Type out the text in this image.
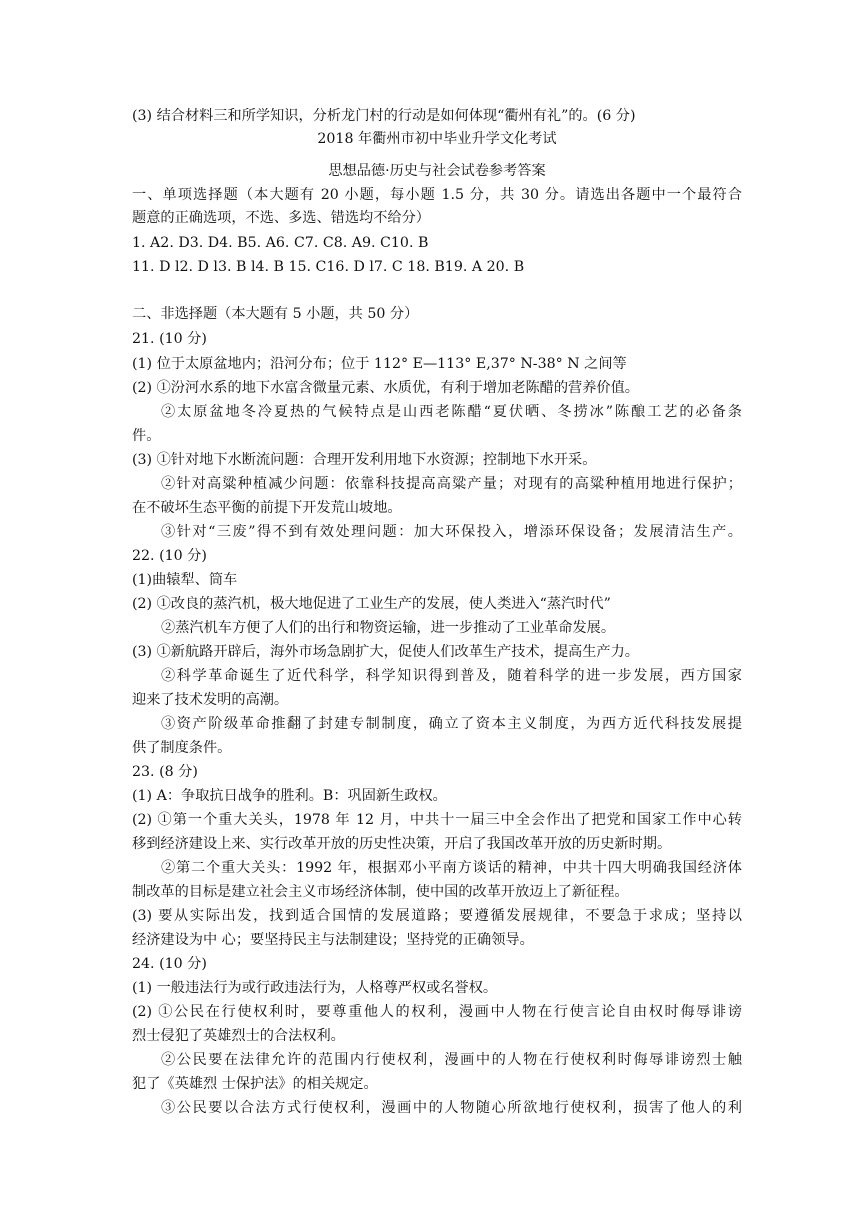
(3) 结合材料三和所学知识，分析龙门村的行动是如何体现“衢州有礼”的。(6 分)
2018 年衢州市初中毕业升学文化考试
思想品德·历史与社会试卷参考答案
一、单项选择题（本大题有 20 小题，每小题 1.5 分，共 30 分。请选出各题中一个最符合
题意的正确选项，不选、多选、错选均不给分）
1. A2. D3. D4. B5. A6. C7. C8. A9. C10. B
11. D l2. D l3. B l4. B 15. C16. D l7. C 18. B19. A 20. B
二、非选择题（本大题有 5 小题，共 50 分）
21. (10 分)
(1) 位于太原盆地内；沿河分布；位于 112° E—113° E,37° N-38° N 之间等
(2) ①汾河水系的地下水富含微量元素、水质优，有利于增加老陈醋的营养价值。
②太原盆地冬冷夏热的气候特点是山西老陈醋“夏伏晒、冬捞冰”陈酿工艺的必备条
件。
(3) ①针对地下水断流问题：合理开发利用地下水资源；控制地下水开采。
②针对高粱种植减少问题：依靠科技提高高粱产量；对现有的高粱种植用地进行保护；
在不破坏生态平衡的前提下开发荒山坡地。
③针对“三废”得不到有效处理问题：加大环保投入，增添环保设备；发展清洁生产。
22. (10 分)
(1)曲辕犁、筒车
(2) ①改良的蒸汽机，极大地促进了工业生产的发展，使人类进入“蒸汽时代”
②蒸汽机车方便了人们的出行和物资运输，进一步推动了工业革命发展。
(3) ①新航路开辟后，海外市场急剧扩大，促使人们改革生产技术，提高生产力。
②科学革命诞生了近代科学，科学知识得到普及，随着科学的进一步发展，西方国家
迎来了技术发明的高潮。
③资产阶级革命推翻了封建专制制度，确立了资本主义制度，为西方近代科技发展提
供了制度条件。
23. (8 分)
(1) A：争取抗日战争的胜利。B：巩固新生政权。
(2) ①第一个重大关头，1978 年 12 月，中共十一届三中全会作出了把党和国家工作中心转
移到经济建设上来、实行改革开放的历史性决策，开启了我国改革开放的历史新时期。
②第二个重大关头：1992 年，根据邓小平南方谈话的精神，中共十四大明确我国经济体
制改革的目标是建立社会主义市场经济体制，使中国的改革开放迈上了新征程。
(3) 要从实际出发，找到适合国情的发展道路；要遵循发展规律，不要急于求成；坚持以
经济建设为中 心；要坚持民主与法制建设；坚持党的正确领导。
24. (10 分)
(1) 一般违法行为或行政违法行为，人格尊严权或名誉权。
(2) ①公民在行使权利时，要尊重他人的权利，漫画中人物在行使言论自由权时侮辱诽谤
烈士侵犯了英雄烈士的合法权利。
②公民要在法律允许的范围内行使权利，漫画中的人物在行使权利时侮辱诽谤烈士触
犯了《英雄烈 士保护法》的相关规定。
③公民要以合法方式行使权利，漫画中的人物随心所欲地行使权利，损害了他人的利
